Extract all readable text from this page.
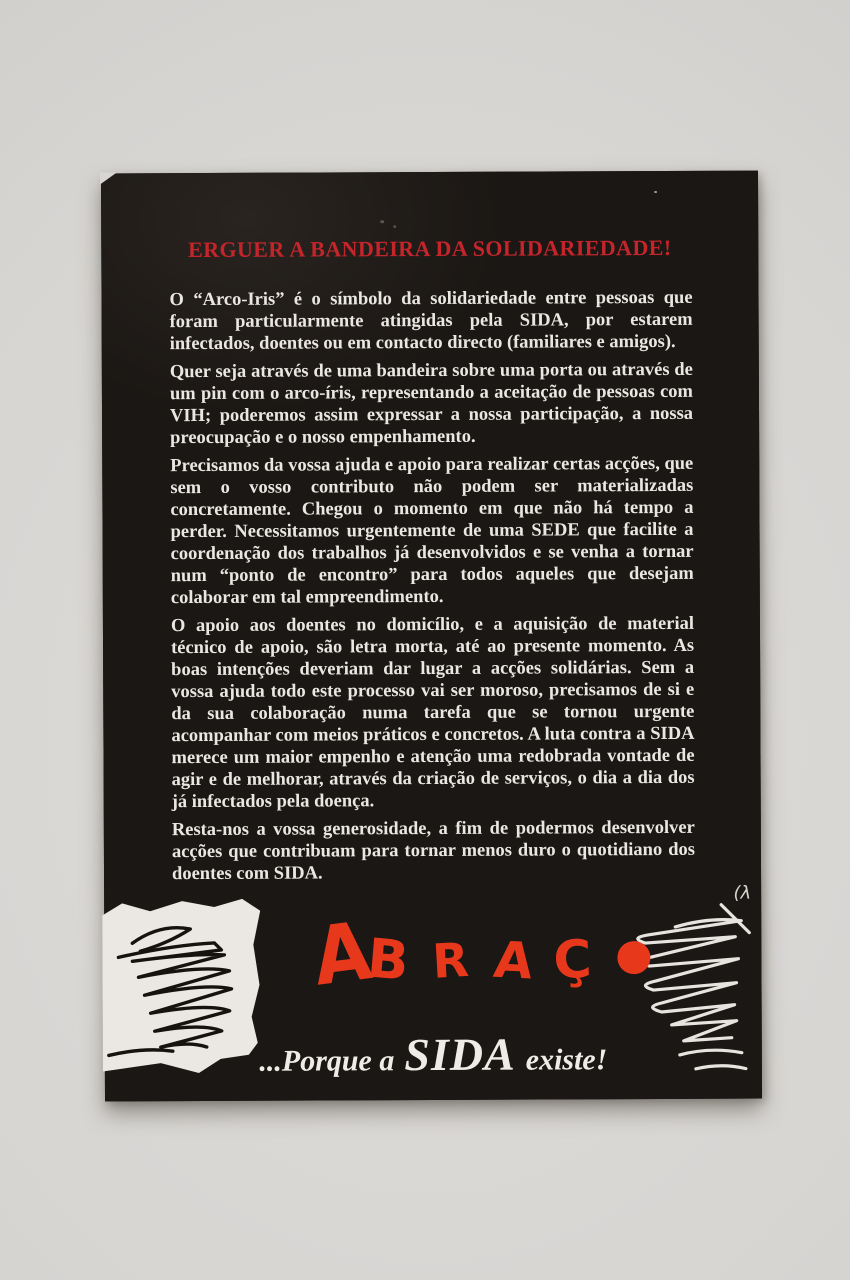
ERGUER A BANDEIRA DA SOLIDARIEDADE!

O “Arco-Iris” é o símbolo da solidariedade entre pessoas que foram particularmente atingidas pela SIDA, por estarem infectados, doentes ou em contacto directo (familiares e amigos).

Quer seja através de uma bandeira sobre uma porta ou através de um pin com o arco-íris, representando a aceitação de pessoas com VIH; poderemos assim expressar a nossa participação, a nossa preocupação e o nosso empenhamento.

Precisamos da vossa ajuda e apoio para realizar certas acções, que sem o vosso contributo não podem ser materializadas concretamente. Chegou o momento em que não há tempo a perder. Necessitamos urgentemente de uma SEDE que facilite a coordenação dos trabalhos já desenvolvidos e se venha a tornar num “ponto de encontro” para todos aqueles que desejam colaborar em tal empreendimento.

O apoio aos doentes no domicílio, e a aquisição de material técnico de apoio, são letra morta, até ao presente momento. As boas intenções deveriam dar lugar a acções solidárias. Sem a vossa ajuda todo este processo vai ser moroso, precisamos de si e da sua colaboração numa tarefa que se tornou urgente acompanhar com meios práticos e concretos. A luta contra a SIDA merece um maior empenho e atenção uma redobrada vontade de agir e de melhorar, através da criação de serviços, o dia a dia dos já infectados pela doença.

Resta-nos a vossa generosidade, a fim de podermos desenvolver acções que contribuam para tornar menos duro o quotidiano dos doentes com SIDA.

(λ
AB R A Ç
...Porque a SIDA existe!
